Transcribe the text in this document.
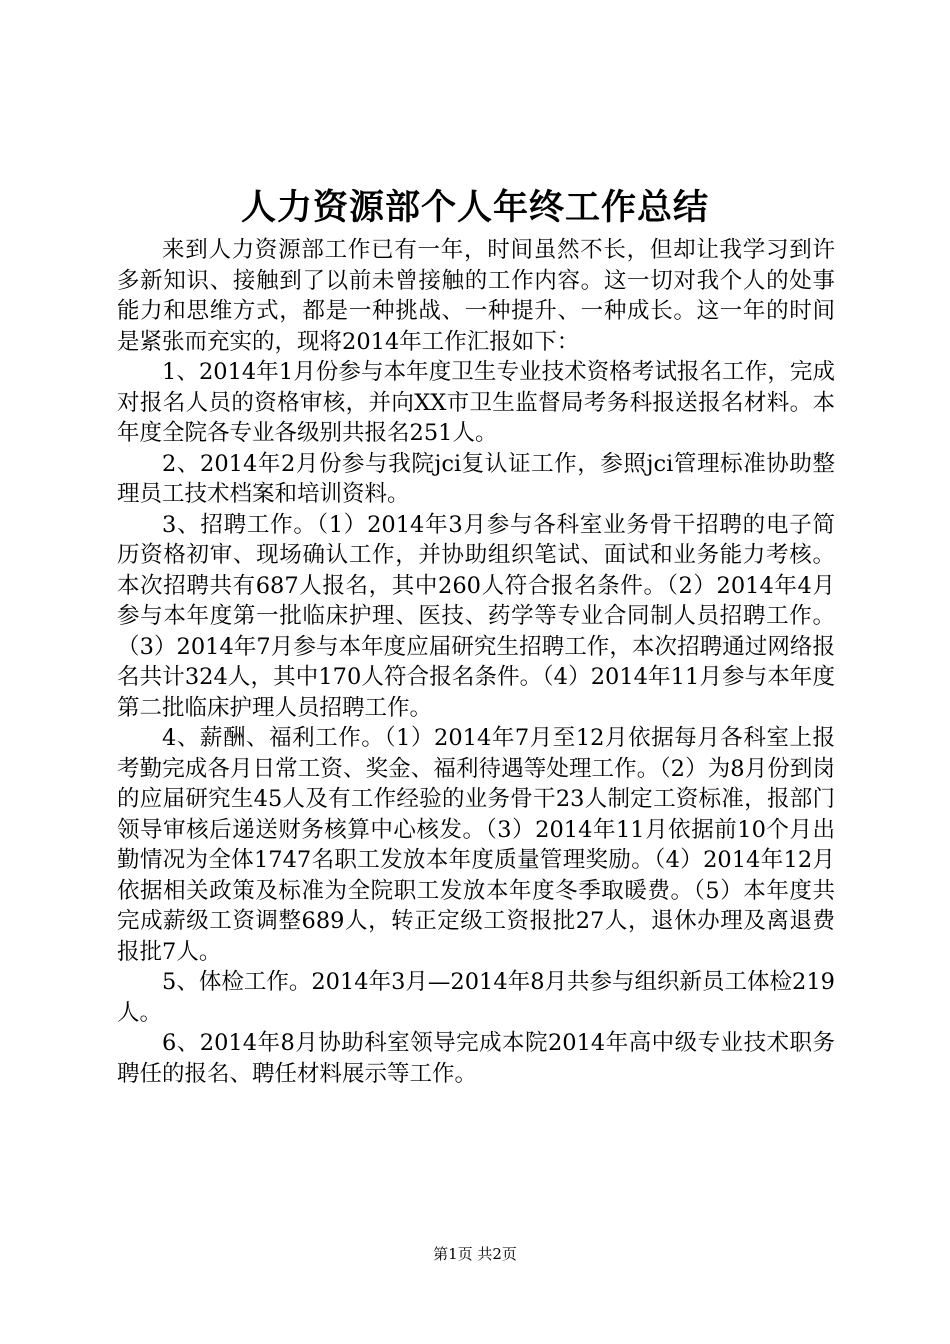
人力资源部个人年终工作总结

来到人力资源部工作已有一年，时间虽然不长，但却让我学习到许多新知识、接触到了以前未曾接触的工作内容。这一切对我个人的处事能力和思维方式，都是一种挑战、一种提升、一种成长。这一年的时间是紧张而充实的，现将2014年工作汇报如下：

1、2014年1月份参与本年度卫生专业技术资格考试报名工作，完成对报名人员的资格审核，并向XX市卫生监督局考务科报送报名材料。本年度全院各专业各级别共报名251人。

2、2014年2月份参与我院jci复认证工作，参照jci管理标准协助整理员工技术档案和培训资料。

3、招聘工作。（1）2014年3月参与各科室业务骨干招聘的电子简历资格初审、现场确认工作，并协助组织笔试、面试和业务能力考核。本次招聘共有687人报名，其中260人符合报名条件。（2）2014年4月参与本年度第一批临床护理、医技、药学等专业合同制人员招聘工作。（3）2014年7月参与本年度应届研究生招聘工作，本次招聘通过网络报名共计324人，其中170人符合报名条件。（4）2014年11月参与本年度第二批临床护理人员招聘工作。

4、薪酬、福利工作。（1）2014年7月至12月依据每月各科室上报考勤完成各月日常工资、奖金、福利待遇等处理工作。（2）为8月份到岗的应届研究生45人及有工作经验的业务骨干23人制定工资标准，报部门领导审核后递送财务核算中心核发。（3）2014年11月依据前10个月出勤情况为全体1747名职工发放本年度质量管理奖励。（4）2014年12月依据相关政策及标准为全院职工发放本年度冬季取暖费。（5）本年度共完成薪级工资调整689人，转正定级工资报批27人，退休办理及离退费报批7人。

5、体检工作。2014年3月—2014年8月共参与组织新员工体检219人。

6、2014年8月协助科室领导完成本院2014年高中级专业技术职务聘任的报名、聘任材料展示等工作。

第1页 共2页
